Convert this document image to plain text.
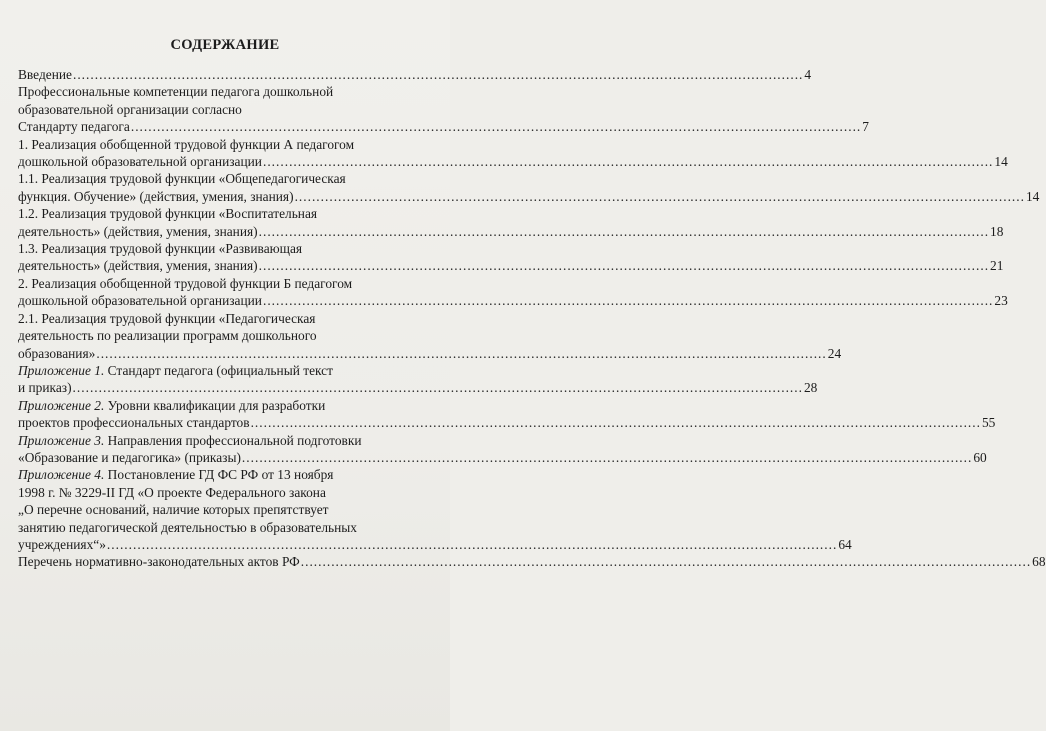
СОДЕРЖАНИЕ
Введение .....	4
Профессиональные компетенции педагога дошкольной
образовательной организации согласно
Стандарту педагога .....	7
1. Реализация обобщенной трудовой функции А педагогом
дошкольной образовательной организации .....	14
1.1. Реализация трудовой функции «Общепедагогическая
функция. Обучение» (действия, умения, знания) .....	14
1.2. Реализация трудовой функции «Воспитательная
деятельность» (действия, умения, знания) .....	18
1.3. Реализация трудовой функции «Развивающая
деятельность» (действия, умения, знания) .....	21
2. Реализация обобщенной трудовой функции Б педагогом
дошкольной образовательной организации .....	23
2.1. Реализация трудовой функции «Педагогическая
деятельность по реализации программ дошкольного
образования» .....	24
Приложение 1. Стандарт педагога (официальный текст
и приказ) .....	28
Приложение 2. Уровни квалификации для разработки
проектов профессиональных стандартов .....	55
Приложение 3. Направления профессиональной подготовки
«Образование и педагогика» (приказы) .....	60
Приложение 4. Постановление ГД ФС РФ от 13 ноября
1998 г. № 3229-II ГД «О проекте Федерального закона
„О перечне оснований, наличие которых препятствует
занятию педагогической деятельностью в образовательных
учреждениях“» .....	64
Перечень нормативно-законодательных актов РФ .....	68
